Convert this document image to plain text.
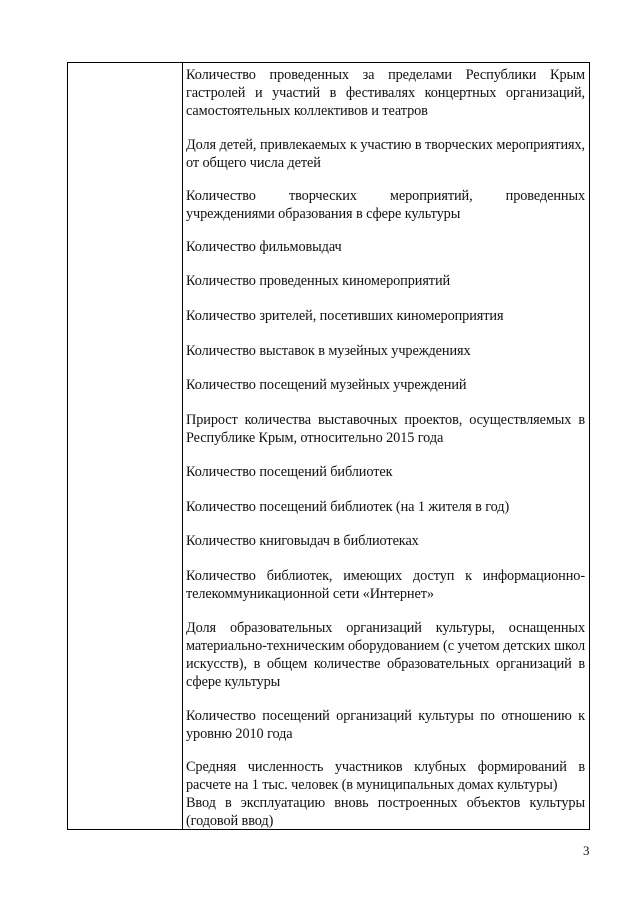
Количество проведенных за пределами Республики Крым гастролей и участий в фестивалях концертных организаций, самостоятельных коллективов и театров
Доля детей, привлекаемых к участию в творческих мероприятиях, от общего числа детей
Количество творческих мероприятий, проведенных учреждениями образования в сфере культуры
Количество фильмовыдач
Количество проведенных киномероприятий
Количество зрителей, посетивших киномероприятия
Количество выставок в музейных учреждениях
Количество посещений музейных учреждений
Прирост количества выставочных проектов, осуществляемых в Республике Крым, относительно 2015 года
Количество посещений библиотек
Количество посещений библиотек (на 1 жителя в год)
Количество книговыдач в библиотеках
Количество библиотек, имеющих доступ к информационно-телекоммуникационной сети «Интернет»
Доля образовательных организаций культуры, оснащенных материально-техническим оборудованием (с учетом детских школ искусств), в общем количестве образовательных организаций в сфере культуры
Количество посещений организаций культуры по отношению к уровню 2010 года
Средняя численность участников клубных формирований в расчете на 1 тыс. человек (в муниципальных домах культуры)
Ввод в эксплуатацию вновь построенных объектов культуры (годовой ввод)
3
